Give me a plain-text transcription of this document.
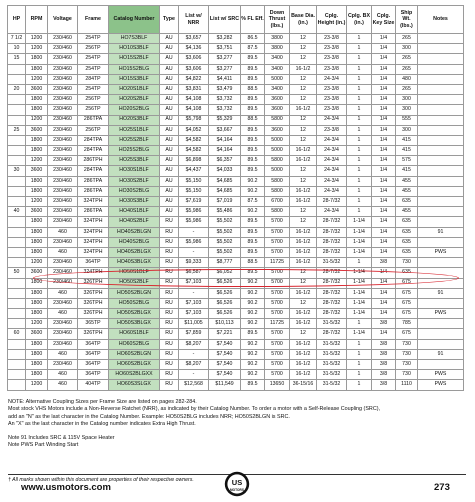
HP	RPM	Voltage	Frame	Catalog Number	Type	List w/ NRR	List w/ SRC	% FL Eff.	Down Thrust (lbs.)	Base Dia. (in.)	Cplg. Height (in.)	Cplg. BX (in.)	Cplg. Key Size	Ship Wt. (lbs.)	Notes
7 1/2	1200	230/460	254TP	HO7S3BLF	AU	$3,657	$3,282	86.5	3800	12	23-3/8	1	1/4	265	
10	1200	230/460	256TP	HO10S3BLF	AU	$4,136	$3,751	87.5	3800	12	23-3/8	1	1/4	300	
15	1800	230/460	254TP	HO15S2BLF	AU	$3,606	$3,277	89.5	3400	12	23-3/8	1	1/4	265	
	1800	230/460	254TP	HO15S2BLG	AU	$3,606	$3,277	89.5	3400	16-1/2	23-3/8	1	1/4	265	
	1200	230/460	284TP	HO15S3BLF	AU	$4,822	$4,411	89.5	5000	12	24-3/4	1	1/4	480	
20	3600	230/460	254TP	HO20S1BLF	AU	$3,831	$3,479	88.5	3400	12	23-3/8	1	1/4	265	
	1800	230/460	256TP	HO20S2BLF	AU	$4,108	$3,732	89.5	3600	12	23-3/8	1	1/4	300	
	1800	230/460	256TP	HO20S2BLG	AU	$4,108	$3,732	89.5	3600	16-1/2	23-3/8	1	1/4	300	
	1200	230/460	286TPA	HO20S3BLF	AU	$5,798	$5,329	88.5	5800	12	24-3/4	1	1/4	555	
25	3600	230/460	256TP	HO25S1BLF	AU	$4,052	$3,667	89.5	3600	12	23-3/8	1	1/4	300	
	1800	230/460	284TPA	HO25S2BLF	AU	$4,582	$4,164	89.5	5000	12	24-3/4	1	1/4	415	
	1800	230/460	284TPA	HO25S2BLG	AU	$4,582	$4,164	89.5	5000	16-1/2	24-3/4	1	1/4	415	
	1200	230/460	286TPH	HO25S3BLF	AU	$6,898	$6,357	89.5	5800	16-1/2	24-3/4	1	1/4	575	
30	3600	230/460	284TPA	HO30S1BLF	AU	$4,437	$4,033	89.5	5000	12	24-3/4	1	1/4	415	
	1800	230/460	286TPA	HO30S2BLF	AU	$5,150	$4,685	90.2	5800	12	24-3/4	1	1/4	455	
	1800	230/460	286TPA	HO30S2BLG	AU	$5,150	$4,685	90.2	5800	16-1/2	24-3/4	1	1/4	455	
	1200	230/460	324TPH	HO30S3BLF	AU	$7,619	$7,019	87.5	6700	16-1/2	28-7/32	1	1/4	635	
40	3600	230/460	286TPA	HO40S1BLF	AU	$5,986	$5,486	90.2	5800	12	24-3/4	1	1/4	455	
	1800	230/460	324TPH	HO40S2BLF	RU	$5,986	$5,502	89.5	5700	12	28-7/32	1-1/4	1/4	635	
	1800	460	324TPH	HO40S2BLGN	RU	-	$5,502	89.5	5700	16-1/2	28-7/32	1-1/4	1/4	635	91
	1800	230/460	324TPH	HO40S2BLG	RU	$5,986	$5,502	89.5	5700	16-1/2	28-7/32	1-1/4	1/4	635	
	1800	460	324TPH	HO40S2BLGX	RU	-	$5,502	89.5	5700	16-1/2	28-7/32	1-1/4	1/4	635	PWS
	1200	230/460	364TP	HO40S3BLGX	RU	$9,333	$8,777	88.5	11725	16-1/2	31-5/32	1	3/8	730	
50	3600	230/460	324TPH	HO50S1BLF	RU	$6,587	$6,052	89.5	5700	12	28-7/32	1-1/4	1/4	635	
	1800	230/460	326TPH	HO50S2BLF	RU	$7,103	$6,526	90.2	5700	12	28-7/32	1-1/4	1/4	675	
	1800	460	326TPH	HO50S2BLGN	RU	-	$6,526	90.2	5700	16-1/2	28-7/32	1-1/4	1/4	675	91
	1800	230/460	326TPH	HO50S2BLG	RU	$7,103	$6,526	90.2	5700	12	28-7/32	1-1/4	1/4	675	
	1800	460	326TPH	HO50S2BLGX	RU	$7,103	$6,526	90.2	5700	16-1/2	28-7/32	1-1/4	1/4	675	PWS
	1200	230/460	365TP	HO50S3BLGX	RU	$11,005	$10,113	90.2	11725	16-1/2	31-5/32	1	3/8	785	
60	3600	230/460	326TPH	HO60S1BLF	RU	$7,859	$7,221	89.5	5700	12	28-7/32	1-1/4	1/4	675	
	1800	230/460	364TP	HO60S2BLG	RU	$8,207	$7,540	90.2	5700	16-1/2	31-5/32	1	3/8	730	
	1800	460	364TP	HO60S2BLGN	RU	-	$7,540	90.2	5700	16-1/2	31-5/32	1	3/8	730	91
	1800	230/460	364TP	HO60S2BLGX	RU	$8,207	$7,540	90.2	5700	16-1/2	31-5/32	1	3/8	730	
	1800	460	364TP	HO60S2BLGXX	RU	-	$7,540	90.2	5700	16-1/2	31-5/32	1	3/8	730	PWS
	1200	460	404TP	HO60S3SLGX	RU	$12,568	$11,549	89.5	13650	36-15/16	31-5/32	1	3/8	1110	PWS

NOTE: Alternative Coupling Sizes per Frame Size are listed on pages 282-284.

Most stock VHS Motors include a Non-Reverse Ratchet (NRR), as indicated by their Catalog Number. To order a motor with a Self-Release Coupling (SRC),

add an "N" as the last character in the Catalog Number. Example: HO50S2BLG includes NRR; HO50S2BLGN is SRC.

An "X" as the last character in the Catalog number indicates Extra High Thrust.

Note 91 Includes SRC & 115V Space Heater

Note PWS Part Winding Start

† All marks shown within this document are properties of their respective owners.
www.usmotors.com	US
MOTORS	273
